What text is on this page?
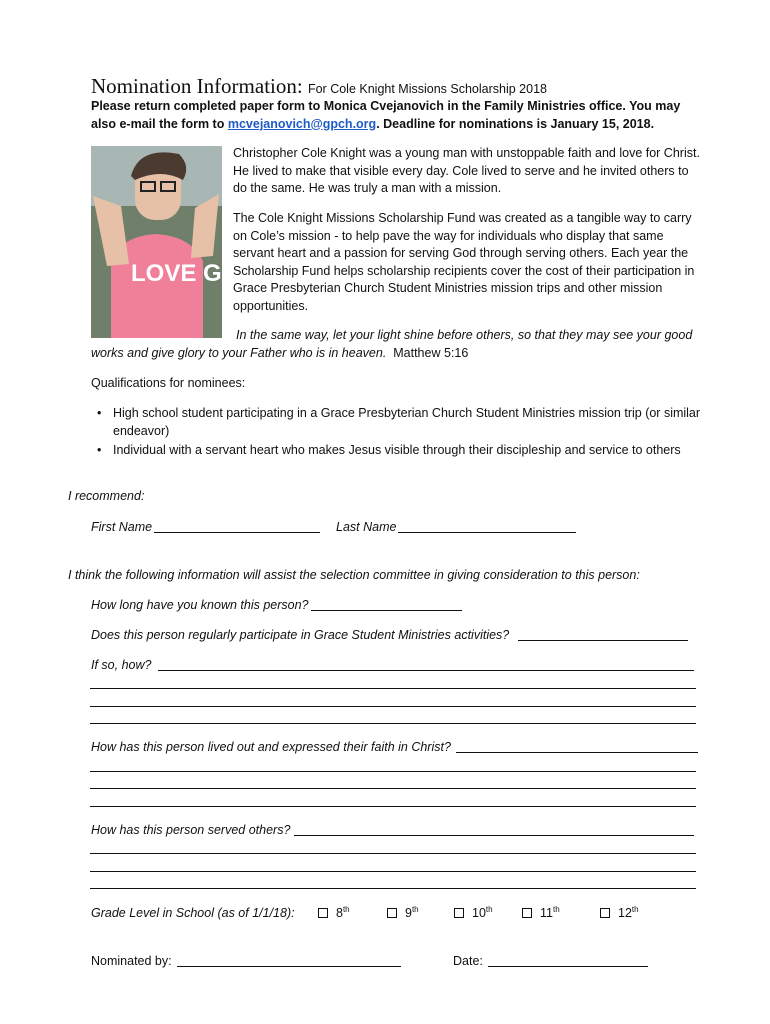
Nomination Information: For Cole Knight Missions Scholarship 2018
Please return completed paper form to Monica Cvejanovich in the Family Ministries office. You may also e-mail the form to mcvejanovich@gpch.org. Deadline for nominations is January 15, 2018.
LOVE GOD
Christopher Cole Knight was a young man with unstoppable faith and love for Christ. He lived to make that visible every day. Cole lived to serve and he invited others to do the same. He was truly a man with a mission.
The Cole Knight Missions Scholarship Fund was created as a tangible way to carry on Cole’s mission - to help pave the way for individuals who display that same servant heart and a passion for serving God through serving others. Each year the Scholarship Fund helps scholarship recipients cover the cost of their participation in Grace Presbyterian Church Student Ministries mission trips and other mission opportunities.
In the same way, let your light shine before others, so that they may see your good works and give glory to your Father who is in heaven. Matthew 5:16
Qualifications for nominees:
• High school student participating in a Grace Presbyterian Church Student Ministries mission trip (or similar endeavor)
• Individual with a servant heart who makes Jesus visible through their discipleship and service to others
I recommend:
First Name	Last Name
I think the following information will assist the selection committee in giving consideration to this person:
How long have you known this person?
Does this person regularly participate in Grace Student Ministries activities?
If so, how?
How has this person lived out and expressed their faith in Christ?
How has this person served others?
Grade Level in School (as of 1/1/18):	8th	9th	10th	11th	12th
Nominated by:	Date:
